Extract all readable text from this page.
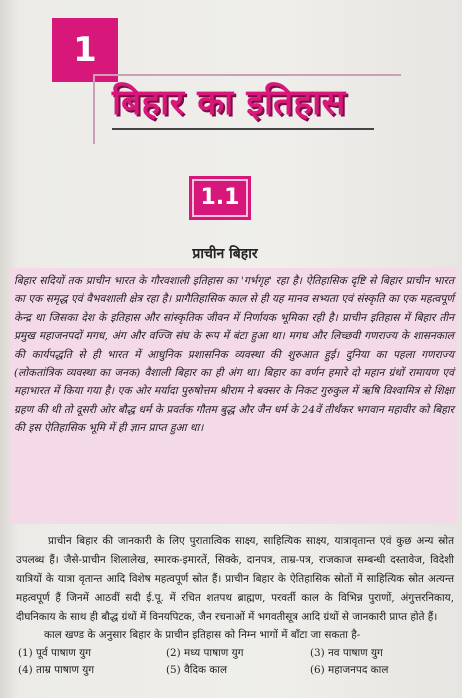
1
बिहार का इतिहास
1.1
प्राचीन बिहार
बिहार सदियों तक प्राचीन भारत के गौरवशाली इतिहास का 'गर्भगृह' रहा है। ऐतिहासिक दृष्टि से बिहार प्राचीन भारत का एक समृद्ध एवं वैभवशाली क्षेत्र रहा है। प्रागैतिहासिक काल से ही यह मानव सभ्यता एवं संस्कृति का एक महत्वपूर्ण केन्द्र था जिसका देश के इतिहास और सांस्कृतिक जीवन में निर्णायक भूमिका रही है। प्राचीन इतिहास में बिहार तीन प्रमुख महाजनपदों मगध, अंग और वज्जि संघ के रूप में बंटा हुआ था। मगध और लिच्छवी गणराज्य के शासनकाल की कार्यपद्धति से ही भारत में आधुनिक प्रशासनिक व्यवस्था की शुरुआत हुई। दुनिया का पहला गणराज्य (लोकतांत्रिक व्यवस्था का जनक) वैशाली बिहार का ही अंग था। बिहार का वर्णन हमारे दो महान ग्रंथों रामायण एवं महाभारत में किया गया है। एक ओर मर्यादा पुरुषोत्तम श्रीराम ने बक्सर के निकट गुरुकुल में ऋषि विश्वामित्र से शिक्षा ग्रहण की थी तो दूसरी ओर बौद्ध धर्म के प्रवर्तक गौतम बुद्ध और जैन धर्म के 24वें तीर्थंकर भगवान महावीर को बिहार की इस ऐतिहासिक भूमि में ही ज्ञान प्राप्त हुआ था।
प्राचीन बिहार की जानकारी के लिए पुरातात्विक साक्ष्य, साहित्यिक साक्ष्य, यात्रावृतान्त एवं कुछ अन्य स्रोत उपलब्ध हैं। जैसे-प्राचीन शिलालेख, स्मारक-इमारतें, सिक्के, दानपत्र, ताम्र-पत्र, राजकाज सम्बन्धी दस्तावेज, विदेशी यात्रियों के यात्रा वृतान्त आदि विशेष महत्वपूर्ण स्रोत हैं। प्राचीन बिहार के ऐतिहासिक स्रोतों में साहित्यिक स्रोत अत्यन्त महत्वपूर्ण हैं जिनमें आठवीं सदी ई.पू. में रचित शतपथ ब्राह्मण, परवर्ती काल के विभिन्न पुराणों, अंगुत्तरनिकाय, दीघनिकाय के साथ ही बौद्ध ग्रंथों में विनयपिटक, जैन रचनाओं में भगवतीसूत्र आदि ग्रंथों से जानकारी प्राप्त होते हैं।
काल खण्ड के अनुसार बिहार के प्राचीन इतिहास को निम्न भागों में बाँटा जा सकता है-
(1) पूर्व पाषाण युग	(2) मध्य पाषाण युग	(3) नव पाषाण युग
(4) ताम्र पाषाण युग	(5) वैदिक काल	(6) महाजनपद काल
